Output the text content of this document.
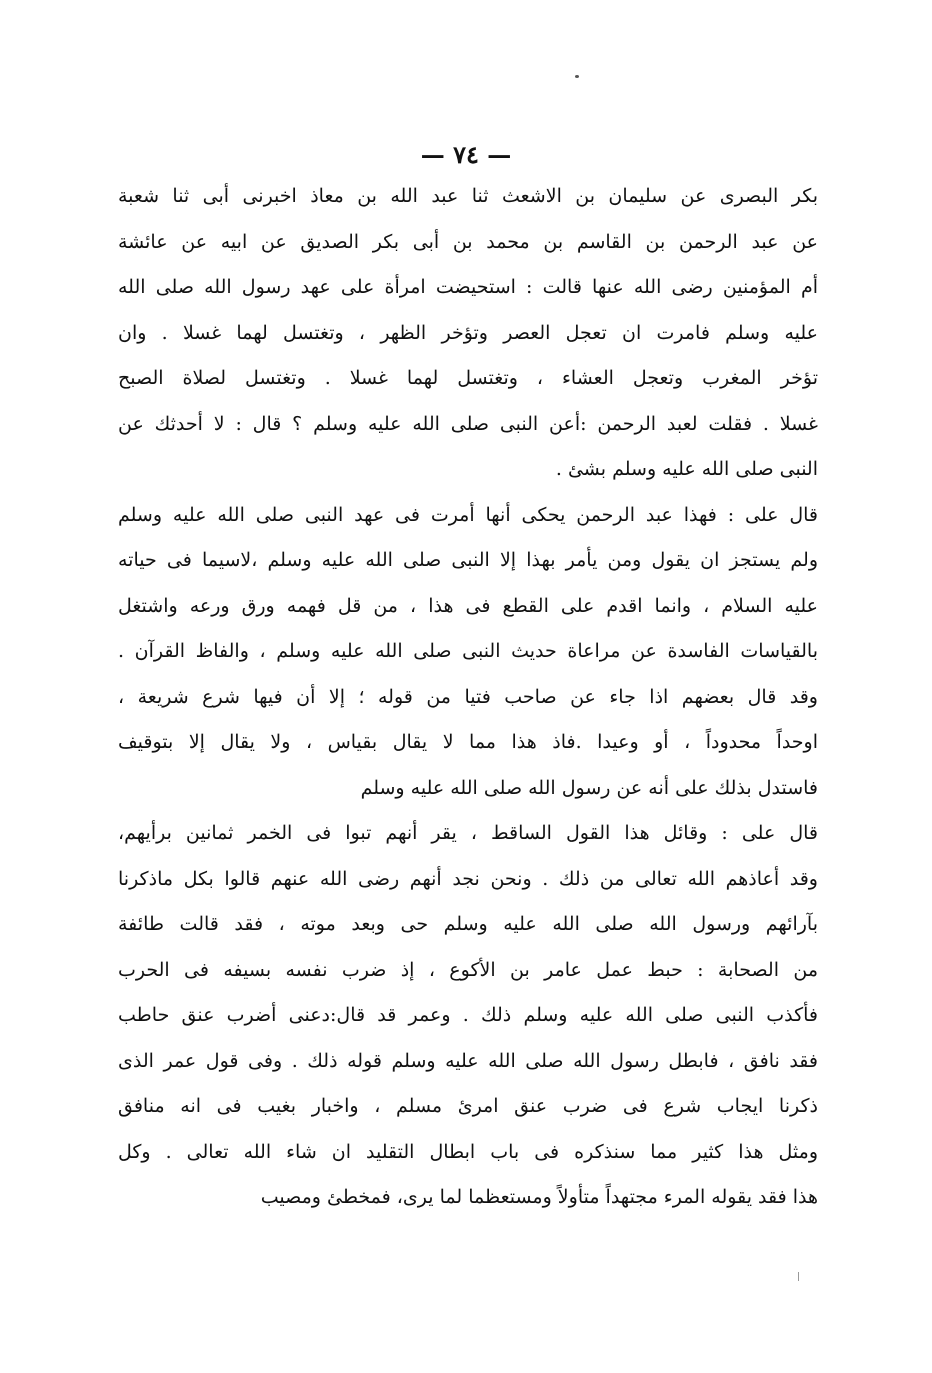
— ٧٤ —
بكر البصرى عن سليمان بن الاشعث ثنا عبد الله بن معاذ اخبرنى أبى ثنا شعبة
عن عبد الرحمن بن القاسم بن محمد بن أبى بكر الصديق عن ابيه عن عائشة
أم المؤمنين رضى الله عنها قالت : استحيضت امرأة على عهد رسول الله صلى الله
عليه وسلم فامرت ان تعجل العصر وتؤخر الظهر ، وتغتسل لهما غسلا . وان
تؤخر المغرب وتعجل العشاء ، وتغتسل لهما غسلا . وتغتسل لصلاة الصبح
غسلا . فقلت لعبد الرحمن :أعن النبى صلى الله عليه وسلم ؟ قال : لا أحدثك عن
النبى صلى الله عليه وسلم بشئ .
قال على : فهذا عبد الرحمن يحكى أنها أمرت فى عهد النبى صلى الله عليه وسلم
ولم يستجز ان يقول ومن يأمر بهذا إلا النبى صلى الله عليه وسلم ،لاسيما فى حياته
عليه السلام ، وانما اقدم على القطع فى هذا ، من قل فهمه ورق ورعه واشتغل
بالقياسات الفاسدة عن مراعاة حديث النبى صلى الله عليه وسلم ، والفاظ القرآن .
وقد قال بعضهم اذا جاء عن صاحب فتيا من قوله ؛ إلا أن فيها شرع شريعة ،
اوحداً محدوداً ، أو وعيدا .فاذ هذا مما لا يقال بقياس ، ولا يقال إلا بتوقيف
فاستدل بذلك على أنه عن رسول الله صلى الله عليه وسلم
قال على : وقائل هذا القول الساقط ، يقر أنهم تبوا فى الخمر ثمانين برأيهم،
وقد أعاذهم الله تعالى من ذلك . ونحن نجد أنهم رضى الله عنهم قالوا بكل ماذكرنا
بآرائهم ورسول الله صلى الله عليه وسلم حى وبعد موته ، فقد قالت طائفة
من الصحابة : حبط عمل عامر بن الأكوع ، إذ ضرب نفسه بسيفه فى الحرب
فأكذب النبى صلى الله عليه وسلم ذلك . وعمر قد قال:دعنى أضرب عنق حاطب
فقد نافق ، فابطل رسول الله صلى الله عليه وسلم قوله ذلك . وفى قول عمر الذى
ذكرنا ايجاب شرع فى ضرب عنق امرئ مسلم ، واخبار بغيب فى انه منافق
ومثل هذا كثير مما سنذكره فى باب ابطال التقليد ان شاء الله تعالى . وكل
هذا فقد يقوله المرء مجتهداً متأولاً ومستعظما لما يرى، فمخطئ ومصيب
